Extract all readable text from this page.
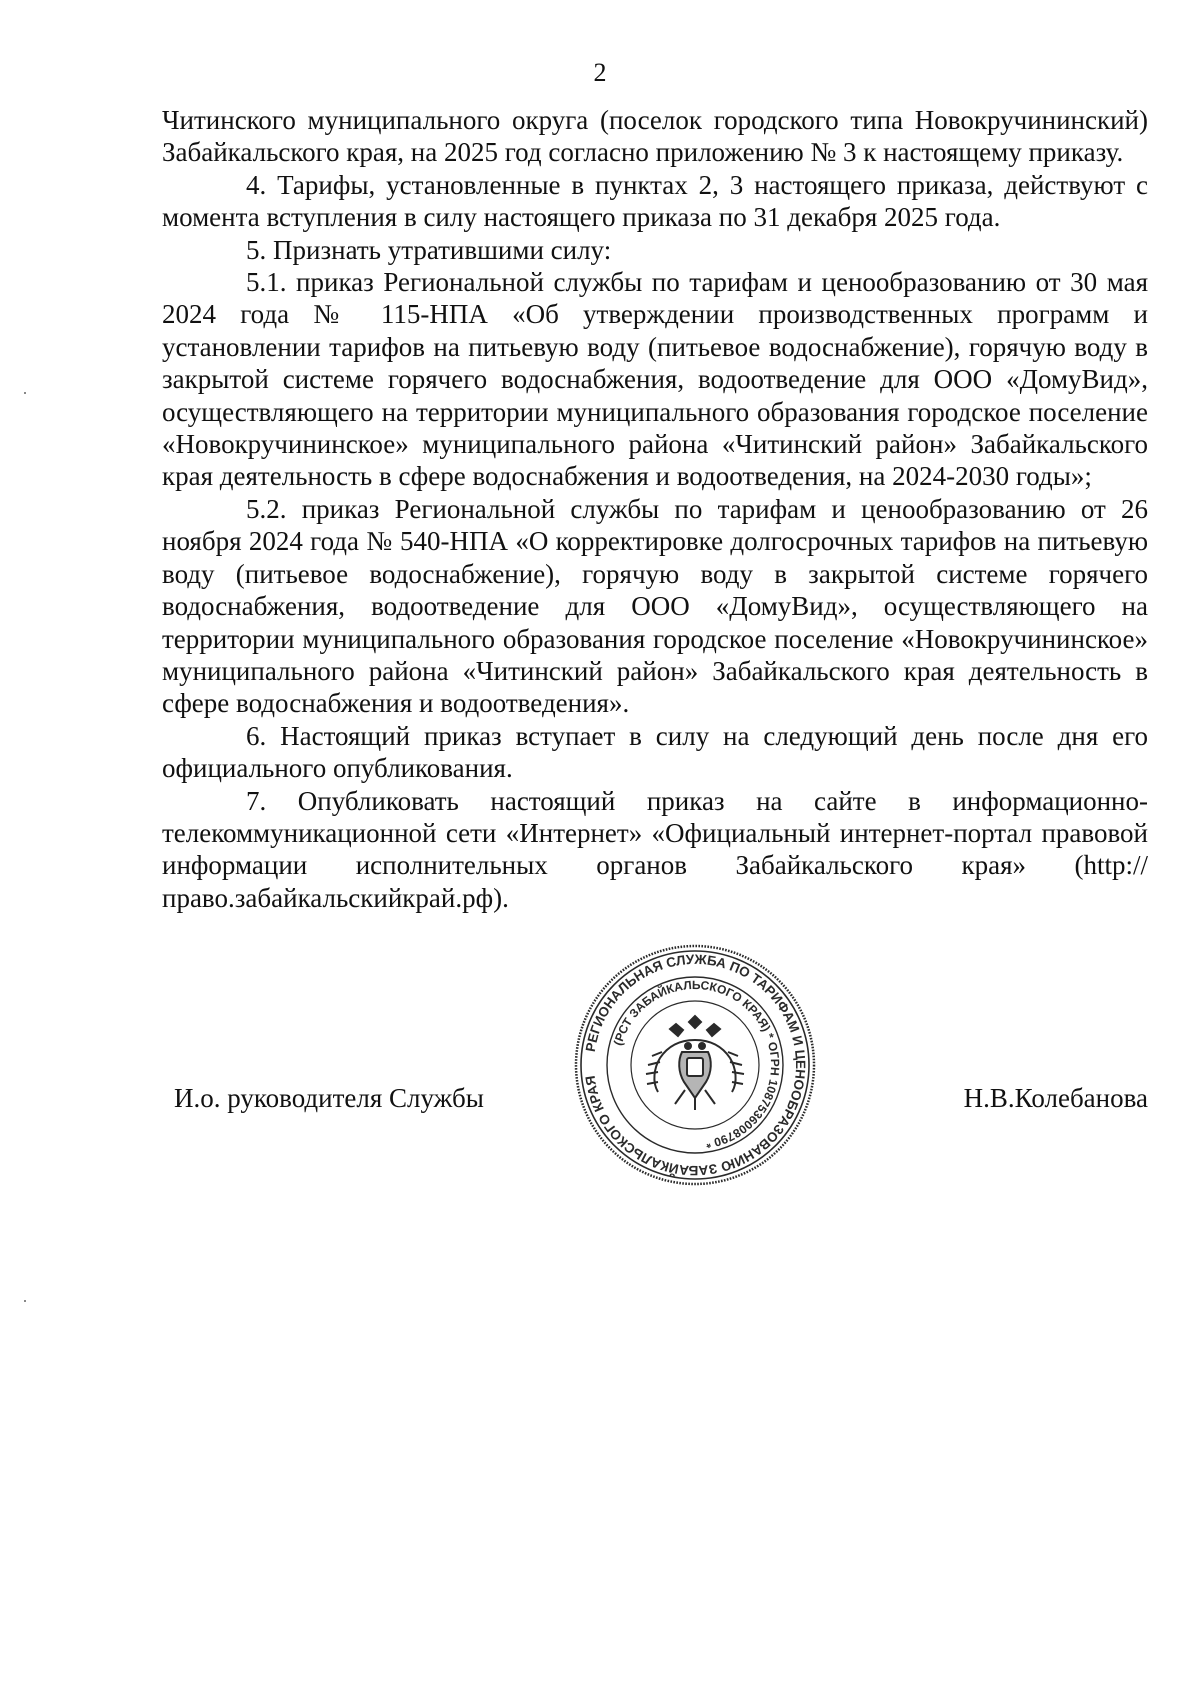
2

Читинского муниципального округа (поселок городского типа Новокручининский) Забайкальского края, на 2025 год согласно приложению № 3 к настоящему приказу.

4. Тарифы, установленные в пунктах 2, 3 настоящего приказа, действуют с момента вступления в силу настоящего приказа по 31 декабря 2025 года.

5. Признать утратившими силу:

5.1. приказ Региональной службы по тарифам и ценообразованию от 30 мая 2024 года № 115-НПА «Об утверждении производственных программ и установлении тарифов на питьевую воду (питьевое водоснабжение), горячую воду в закрытой системе горячего водоснабжения, водоотведение для ООО «ДомуВид», осуществляющего на территории муниципального образования городское поселение «Новокручининское» муниципального района «Читинский район» Забайкальского края деятельность в сфере водоснабжения и водоотведения, на 2024-2030 годы»;

5.2. приказ Региональной службы по тарифам и ценообразованию от 26 ноября 2024 года № 540-НПА «О корректировке долгосрочных тарифов на питьевую воду (питьевое водоснабжение), горячую воду в закрытой системе горячего водоснабжения, водоотведение для ООО «ДомуВид», осуществляющего на территории муниципального образования городское поселение «Новокручининское» муниципального района «Читинский район» Забайкальского края деятельность в сфере водоснабжения и водоотведения».

6. Настоящий приказ вступает в силу на следующий день после дня его официального опубликования.

7. Опубликовать настоящий приказ на сайте в информационно-телекоммуникационной сети «Интернет» «Официальный интернет-портал правовой информации исполнительных органов Забайкальского края» (http://право.забайкальскийкрай.рф).

И.о. руководителя Службы	Н.В.Колебанова
РЕГИОНАЛЬНАЯ СЛУЖБА ПО ТАРИФАМ И ЦЕНООБРАЗОВАНИЮ ЗАБАЙКАЛЬСКОГО КРАЯ
(РСТ ЗАБАЙКАЛЬСКОГО КРАЯ) * ОГРН 1087536008790 *
